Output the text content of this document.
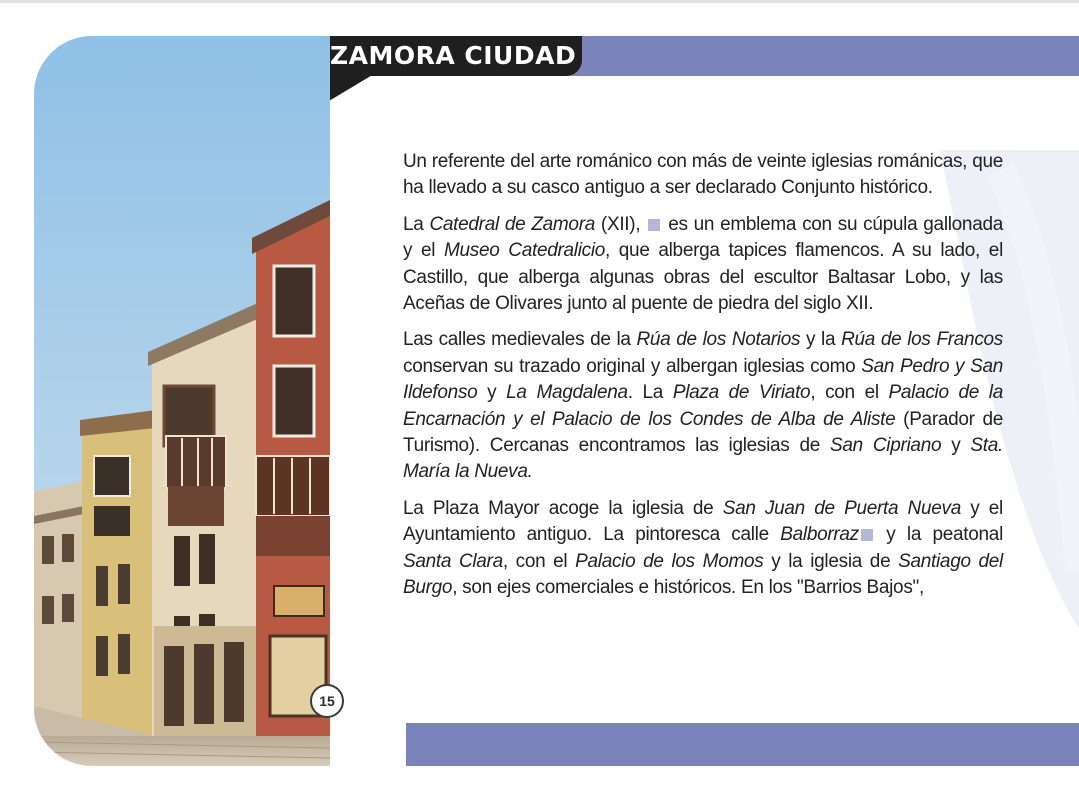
ZAMORA CIUDAD
15

Un referente del arte románico con más de veinte iglesias románicas, que ha llevado a su casco antiguo a ser declarado Conjunto histórico.

La Catedral de Zamora (XII),  es un emblema con su cúpula gallonada y el Museo Catedralicio, que alberga tapices flamencos. A su lado, el Castillo, que alberga algunas obras del escultor Baltasar Lobo, y las Aceñas de Olivares junto al puente de piedra del siglo XII.

Las calles medievales de la Rúa de los Notarios y la Rúa de los Francos conservan su trazado original y albergan iglesias como San Pedro y San Ildefonso y La Magdalena. La Plaza de Viriato, con el Palacio de la Encarnación y el Palacio de los Condes de Alba de Aliste (Parador de Turismo). Cercanas encontramos las iglesias de San Cipriano y Sta. María la Nueva.

La Plaza Mayor acoge la iglesia de San Juan de Puerta Nueva y el Ayuntamiento antiguo. La pintoresca calle Balborraz y la peatonal Santa Clara, con el Palacio de los Momos y la iglesia de Santiago del Burgo, son ejes comerciales e históricos. En los "Barrios Bajos",
